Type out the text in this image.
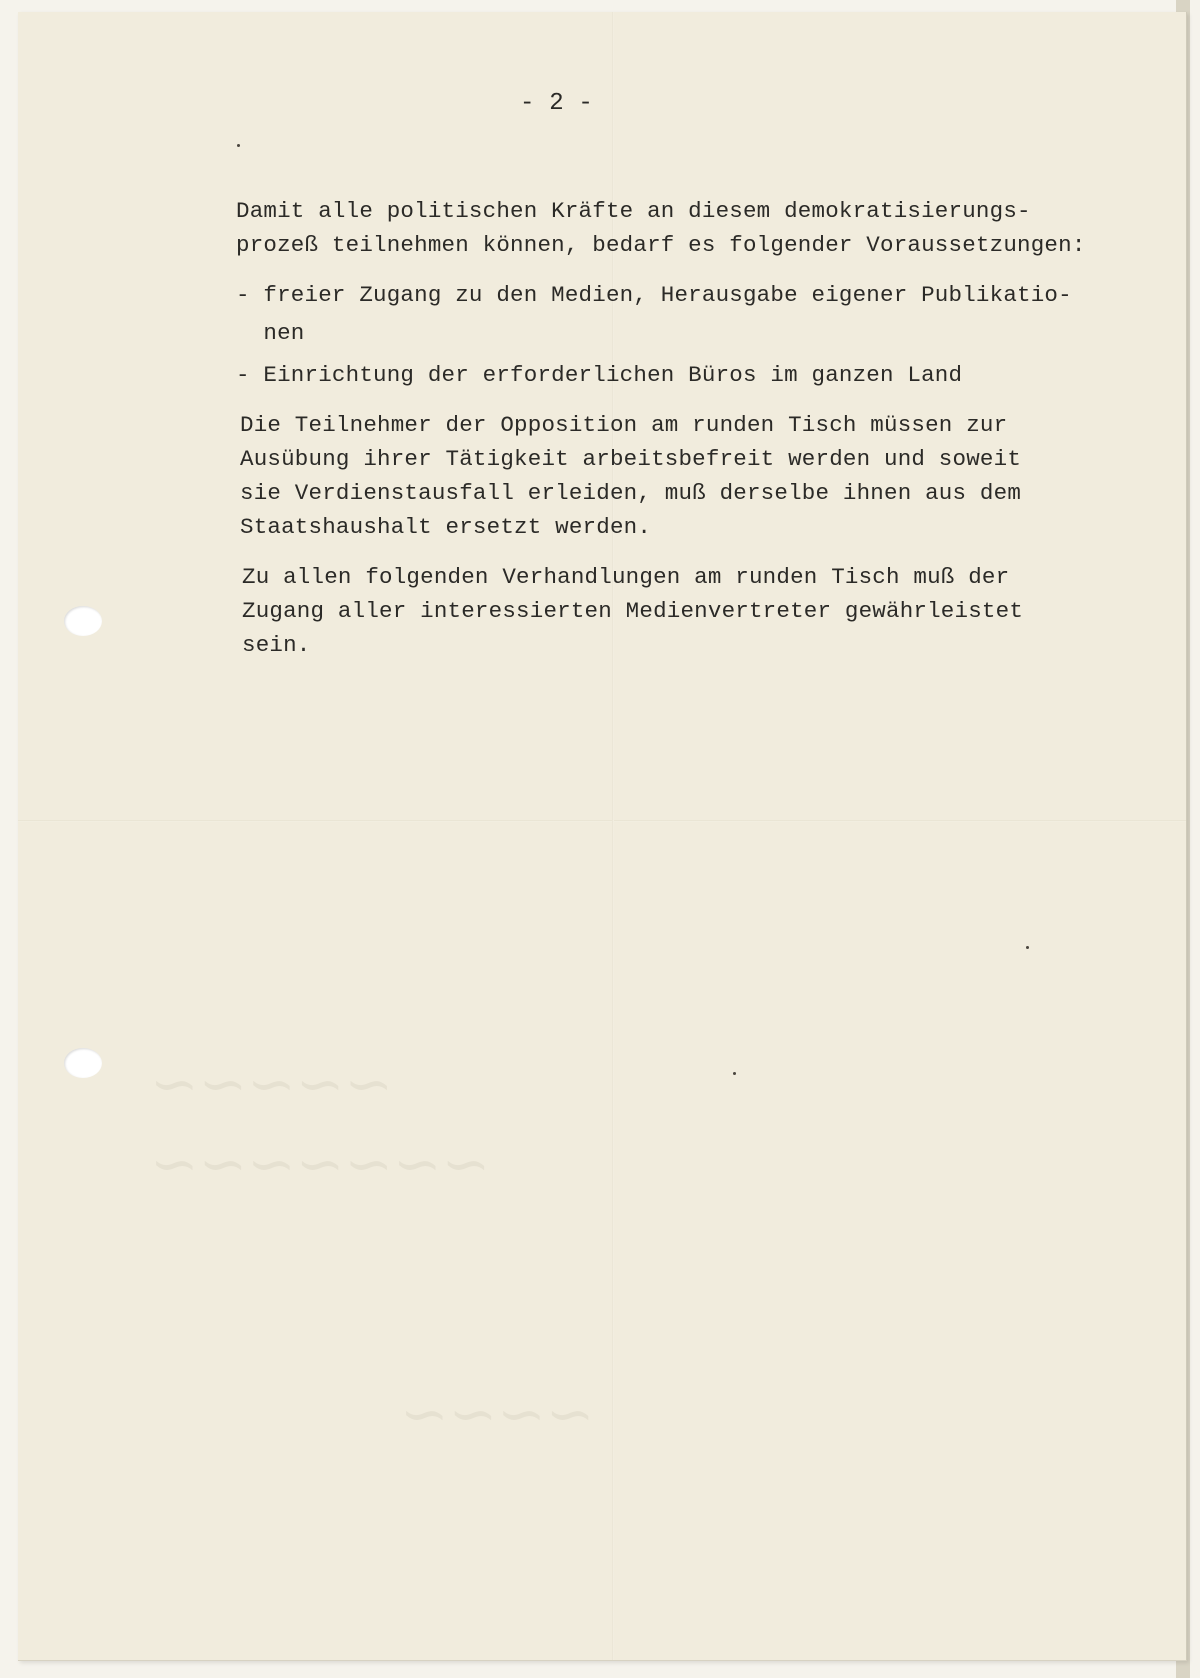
~~~~~
~~~~~~~
~~~~
- 2 -
Damit alle politischen Kräfte an diesem demokratisierungs-
prozeß teilnehmen können, bedarf es folgender Voraussetzungen:
- freier Zugang zu den Medien, Herausgabe eigener Publikatio-
nen
- Einrichtung der erforderlichen Büros im ganzen Land
Die Teilnehmer der Opposition am runden Tisch müssen zur
Ausübung ihrer Tätigkeit arbeitsbefreit werden und soweit
sie Verdienstausfall erleiden, muß derselbe ihnen aus dem
Staatshaushalt ersetzt werden.
Zu allen folgenden Verhandlungen am runden Tisch muß der
Zugang aller interessierten Medienvertreter gewährleistet
sein.
